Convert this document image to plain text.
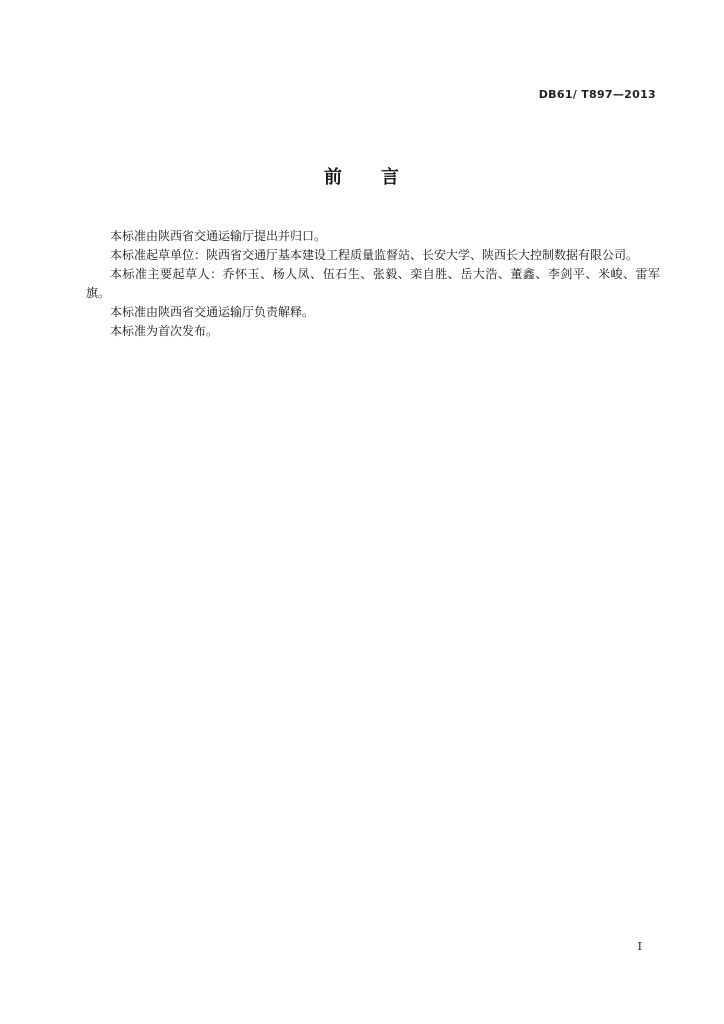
DB61/ T897—2013
前　　言

本标准由陕西省交通运输厅提出并归口。

本标准起草单位：陕西省交通厅基本建设工程质量监督站、长安大学、陕西长大控制数据有限公司。

本标准主要起草人：乔怀玉、杨人凤、伍石生、张毅、栾自胜、岳大浩、董鑫、李剑平、米峻、雷军旗。

本标准由陕西省交通运输厅负责解释。

本标准为首次发布。

I
